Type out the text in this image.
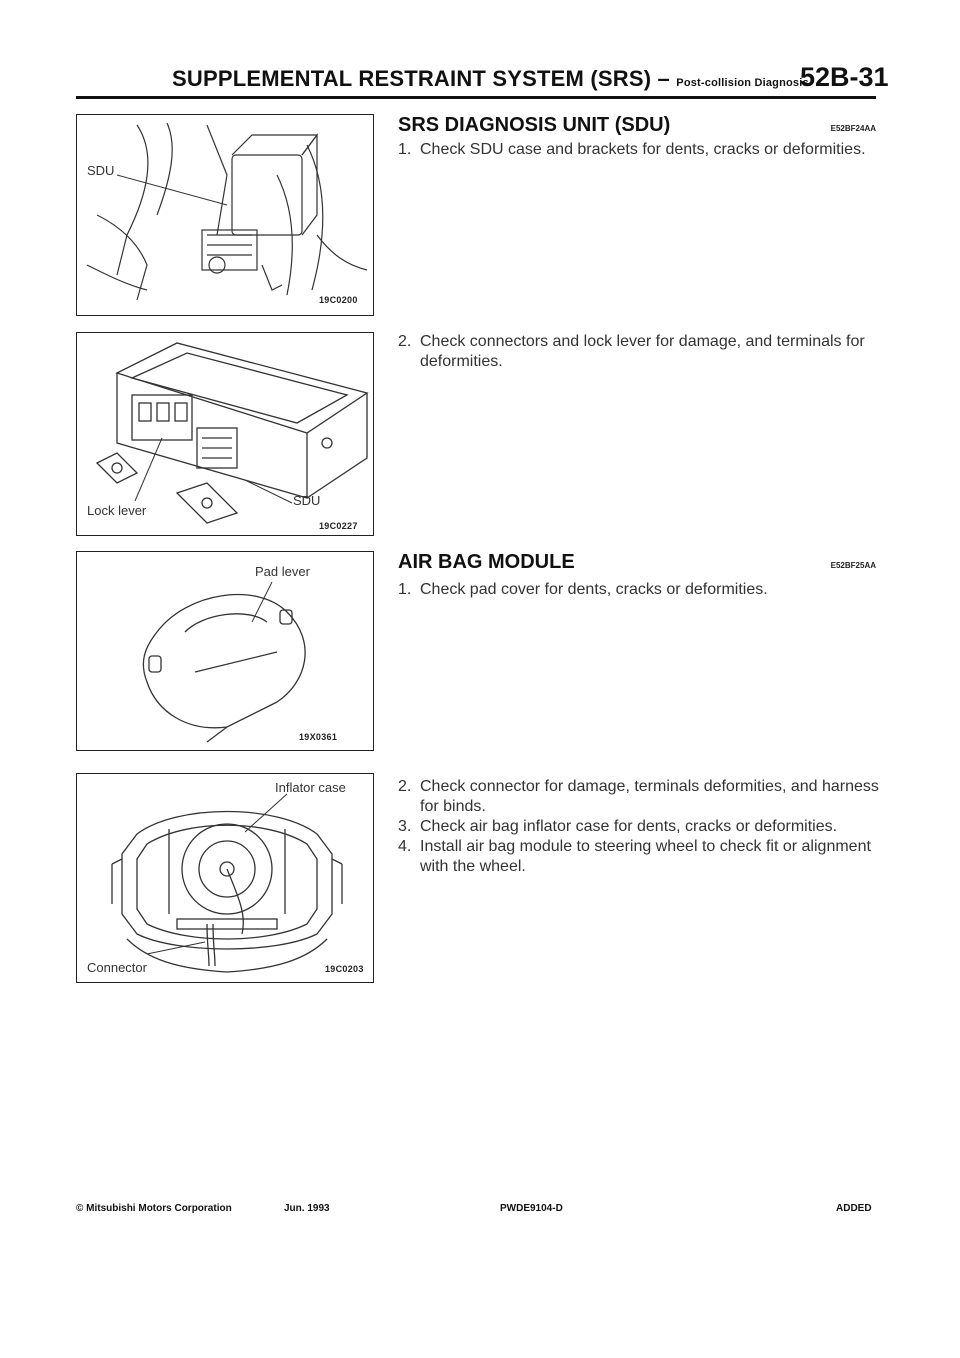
SUPPLEMENTAL RESTRAINT SYSTEM (SRS) – Post-collision Diagnosis
52B-31
SDU
19C0200
Lock lever
SDU
19C0227
Pad lever
19X0361
Inflator case
Connector	19C0203
SRS DIAGNOSIS UNIT (SDU)	E52BF24AA
1. Check SDU case and brackets for dents, cracks or deformities.
2. Check connectors and lock lever for damage, and terminals for deformities.
AIR BAG MODULE	E52BF25AA
1. Check pad cover for dents, cracks or deformities.
2. Check connector for damage, terminals deformities, and harness for binds.
3. Check air bag inflator case for dents, cracks or deformities.
4. Install air bag module to steering wheel to check fit or alignment with the wheel.
© Mitsubishi Motors Corporation	Jun. 1993	PWDE9104-D	ADDED
